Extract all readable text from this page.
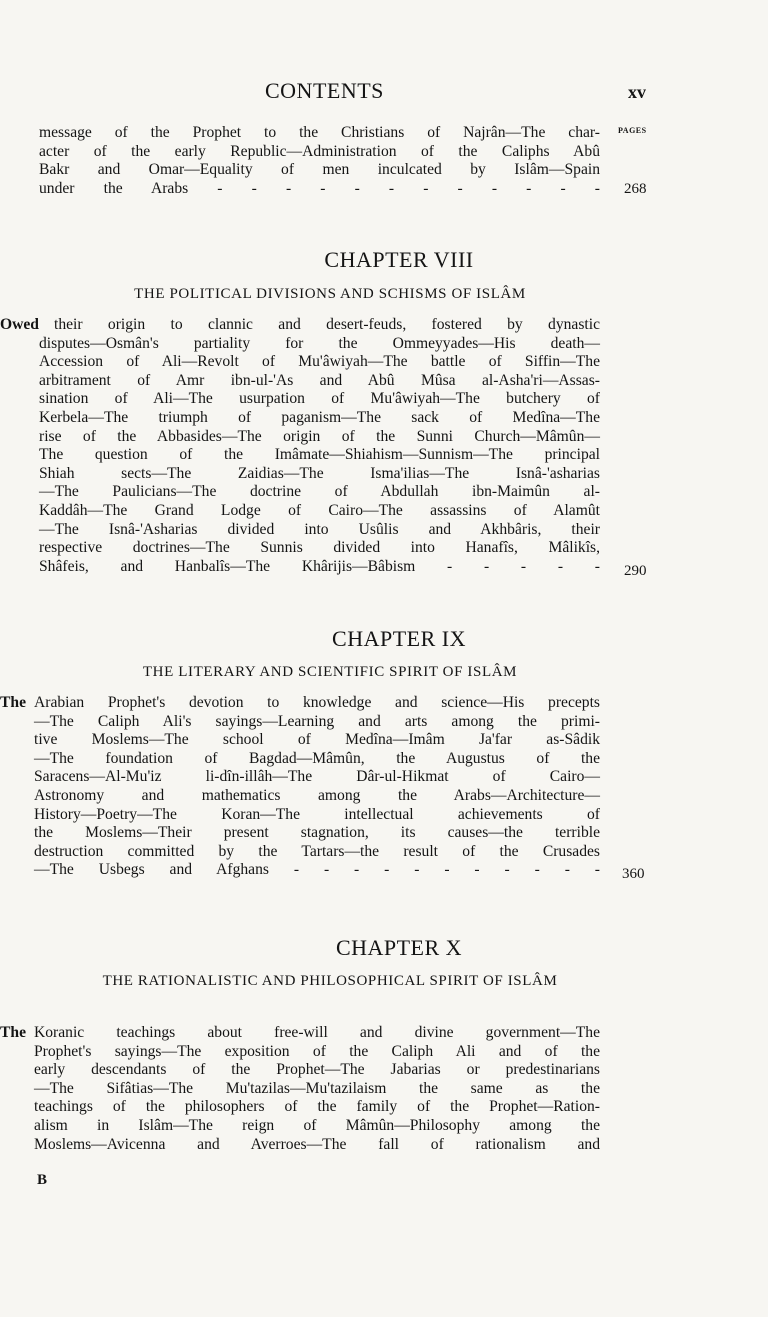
CONTENTS	xv
PAGES
message of the Prophet to the Christians of Najrân—The char-
acter of the early Republic—Administration of the Caliphs Abû
Bakr and Omar—Equality of men inculcated by Islâm—Spain
under the Arabs - - - - - - - - - - - - 268
CHAPTER VIII
THE POLITICAL DIVISIONS AND SCHISMS OF ISLÂM
Owed their origin to clannic and desert-feuds, fostered by dynastic
disputes—Osmân's partiality for the Ommeyyades—His death—
Accession of Ali—Revolt of Mu'âwiyah—The battle of Siffin—The
arbitrament of Amr ibn-ul-'As and Abû Mûsa al-Asha'ri—Assas-
sination of Ali—The usurpation of Mu'âwiyah—The butchery of
Kerbela—The triumph of paganism—The sack of Medîna—The
rise of the Abbasides—The origin of the Sunni Church—Mâmûn—
The question of the Imâmate—Shiahism—Sunnism—The principal
Shiah sects—The Zaidias—The Isma'ilias—The Isnâ-'asharias
—The Paulicians—The doctrine of Abdullah ibn-Maimûn al-
Kaddâh—The Grand Lodge of Cairo—The assassins of Alamût
—The Isnâ-'Asharias divided into Usûlis and Akhbâris, their
respective doctrines—The Sunnis divided into Hanafîs, Mâlikîs,
Shâfeis, and Hanbalîs—The Khârijis—Bâbism - - - - - 290
CHAPTER IX
THE LITERARY AND SCIENTIFIC SPIRIT OF ISLÂM
The Arabian Prophet's devotion to knowledge and science—His precepts
—The Caliph Ali's sayings—Learning and arts among the primi-
tive Moslems—The school of Medîna—Imâm Ja'far as-Sâdik
—The foundation of Bagdad—Mâmûn, the Augustus of the
Saracens—Al-Mu'iz li-dîn-illâh—The Dâr-ul-Hikmat of Cairo—
Astronomy and mathematics among the Arabs—Architecture—
History—Poetry—The Koran—The intellectual achievements of
the Moslems—Their present stagnation, its causes—the terrible
destruction committed by the Tartars—the result of the Crusades
—The Usbegs and Afghans - - - - - - - - - - - 360
CHAPTER X
THE RATIONALISTIC AND PHILOSOPHICAL SPIRIT OF ISLÂM
The Koranic teachings about free-will and divine government—The
Prophet's sayings—The exposition of the Caliph Ali and of the
early descendants of the Prophet—The Jabarias or predestinarians
—The Sifâtias—The Mu'tazilas—Mu'tazilaism the same as the
teachings of the philosophers of the family of the Prophet—Ration-
alism in Islâm—The reign of Mâmûn—Philosophy among the
Moslems—Avicenna and Averroes—The fall of rationalism and
B
